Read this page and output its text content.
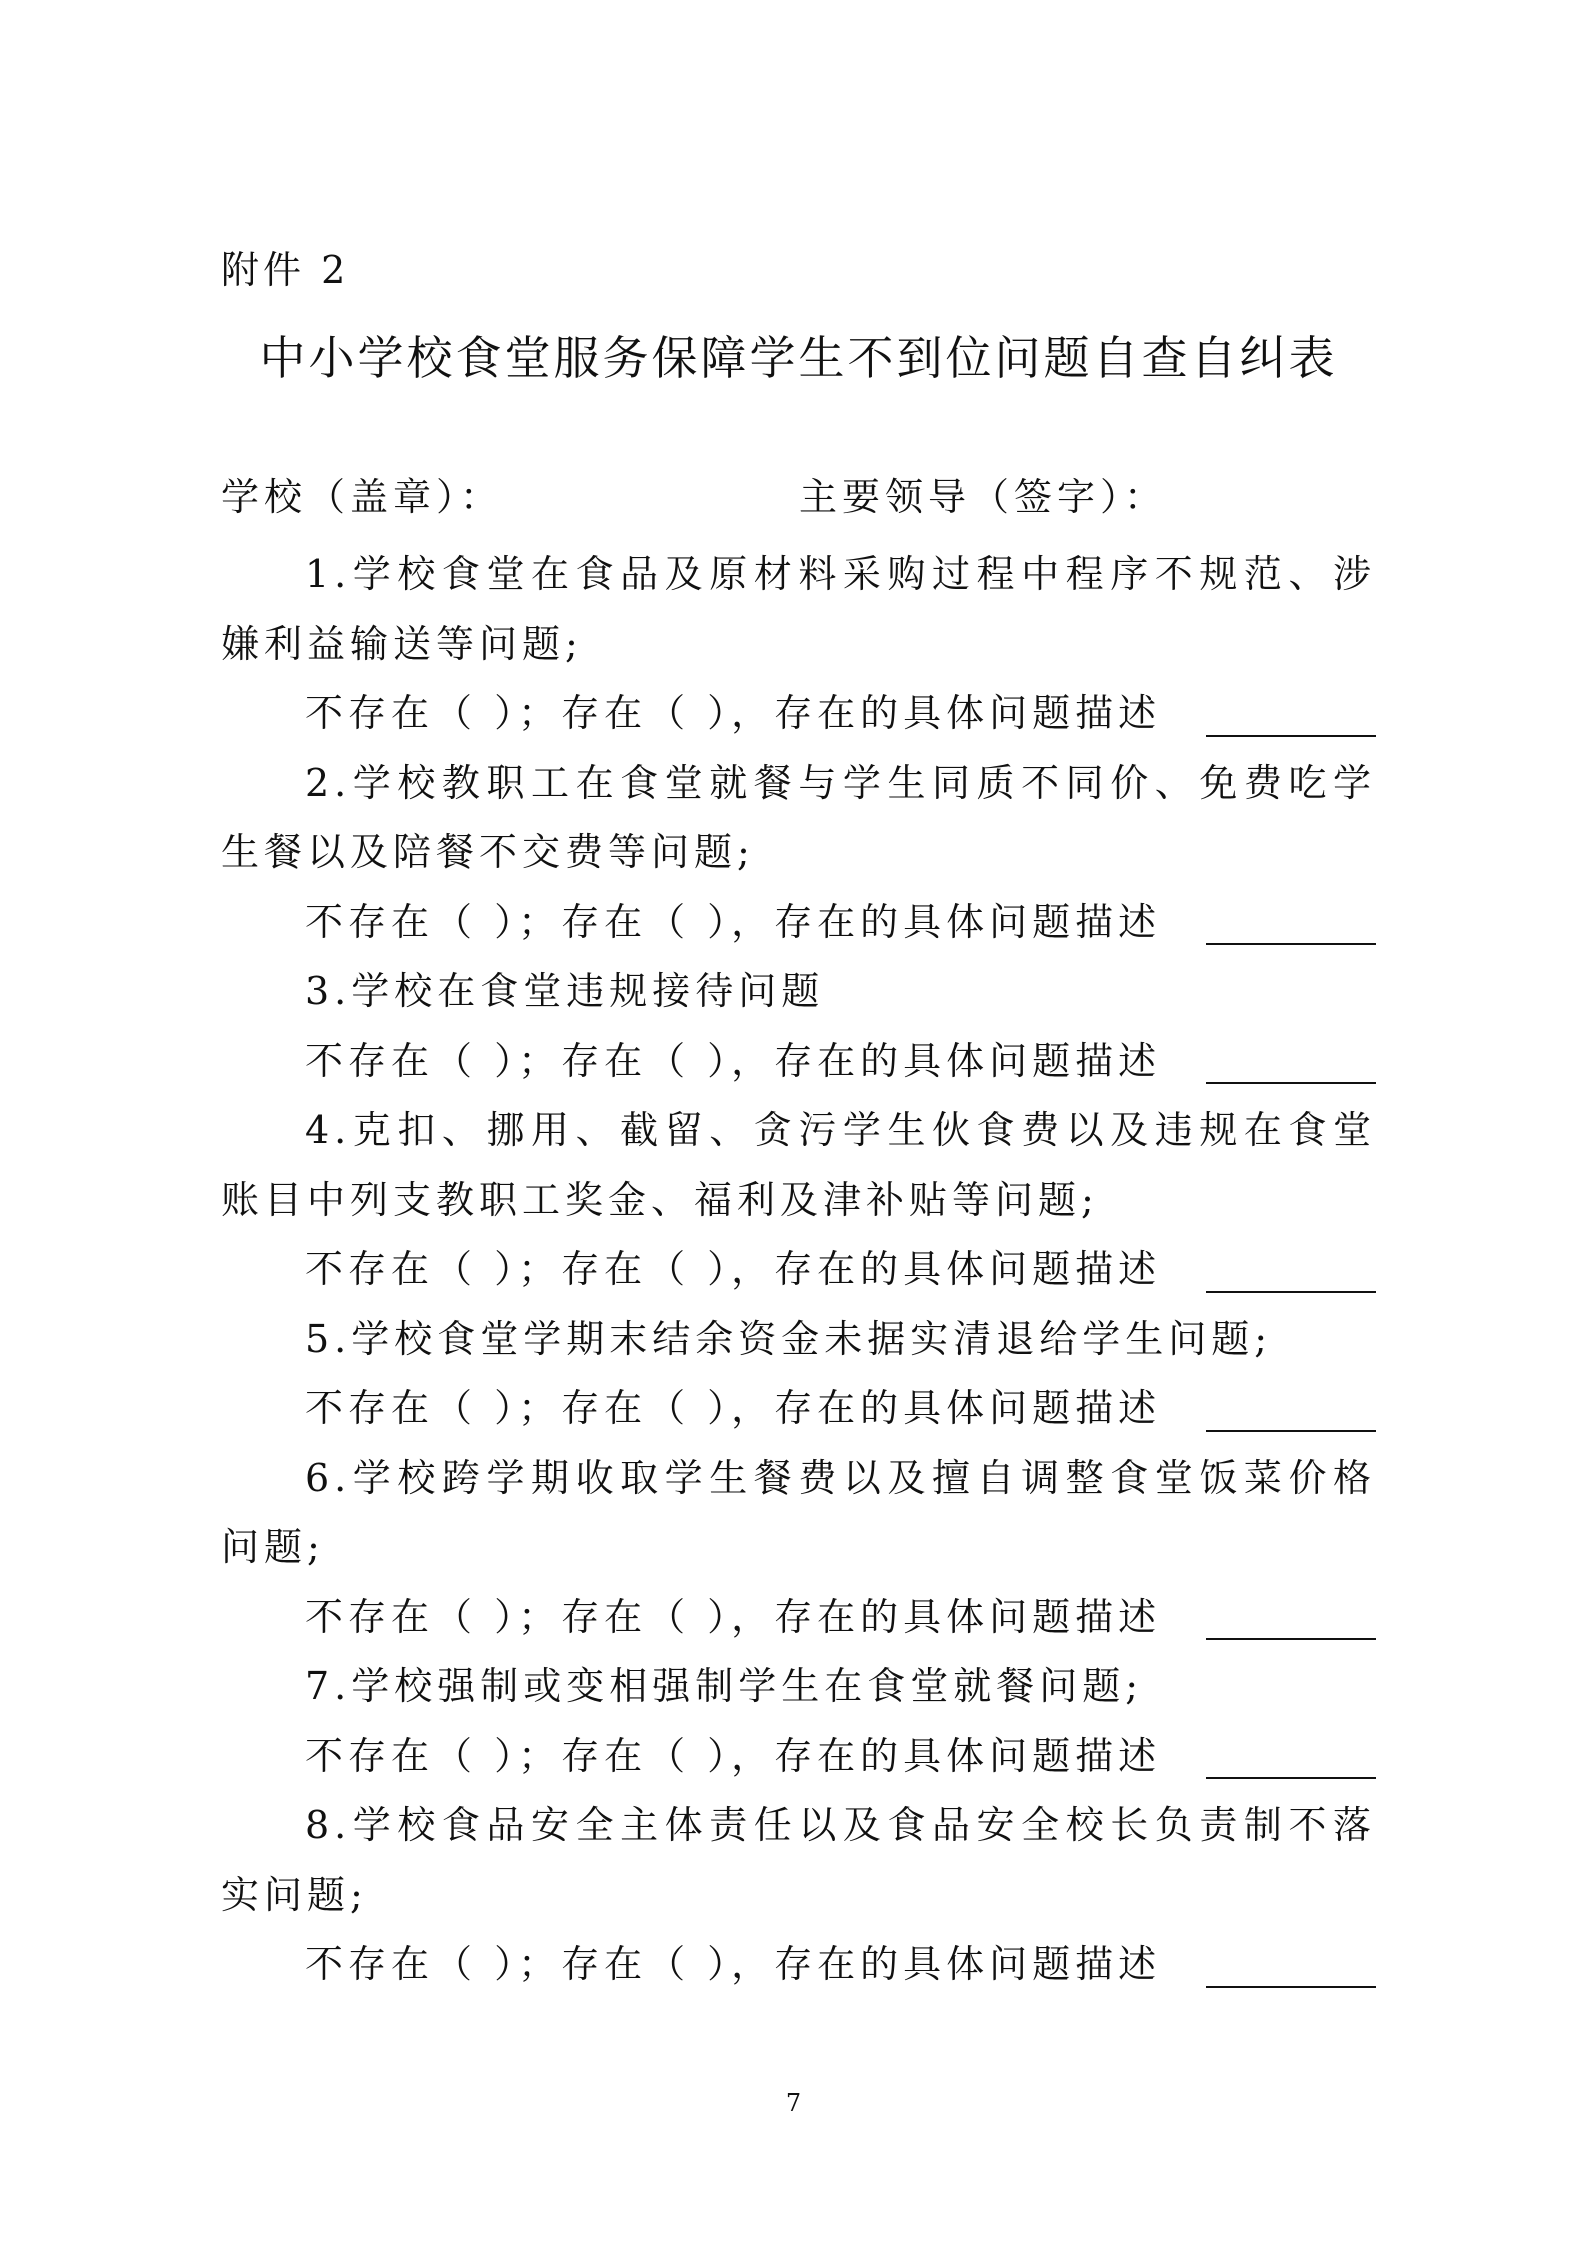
附件 2
中小学校食堂服务保障学生不到位问题自查自纠表
学校（盖章）：	主要领导（签字）：

1.学校食堂在食品及原材料采购过程中程序不规范、涉嫌利益输送等问题;

不存在（ ）；存在（ ），存在的具体问题描述

2.学校教职工在食堂就餐与学生同质不同价、免费吃学生餐以及陪餐不交费等问题;

不存在（ ）；存在（ ），存在的具体问题描述

3.学校在食堂违规接待问题

不存在（ ）；存在（ ），存在的具体问题描述

4.克扣、挪用、截留、贪污学生伙食费以及违规在食堂账目中列支教职工奖金、福利及津补贴等问题;

不存在（ ）；存在（ ），存在的具体问题描述

5.学校食堂学期末结余资金未据实清退给学生问题;

不存在（ ）；存在（ ），存在的具体问题描述

6.学校跨学期收取学生餐费以及擅自调整食堂饭菜价格问题;

不存在（ ）；存在（ ），存在的具体问题描述

7.学校强制或变相强制学生在食堂就餐问题;

不存在（ ）；存在（ ），存在的具体问题描述

8.学校食品安全主体责任以及食品安全校长负责制不落实问题;

不存在（ ）；存在（ ），存在的具体问题描述
7
